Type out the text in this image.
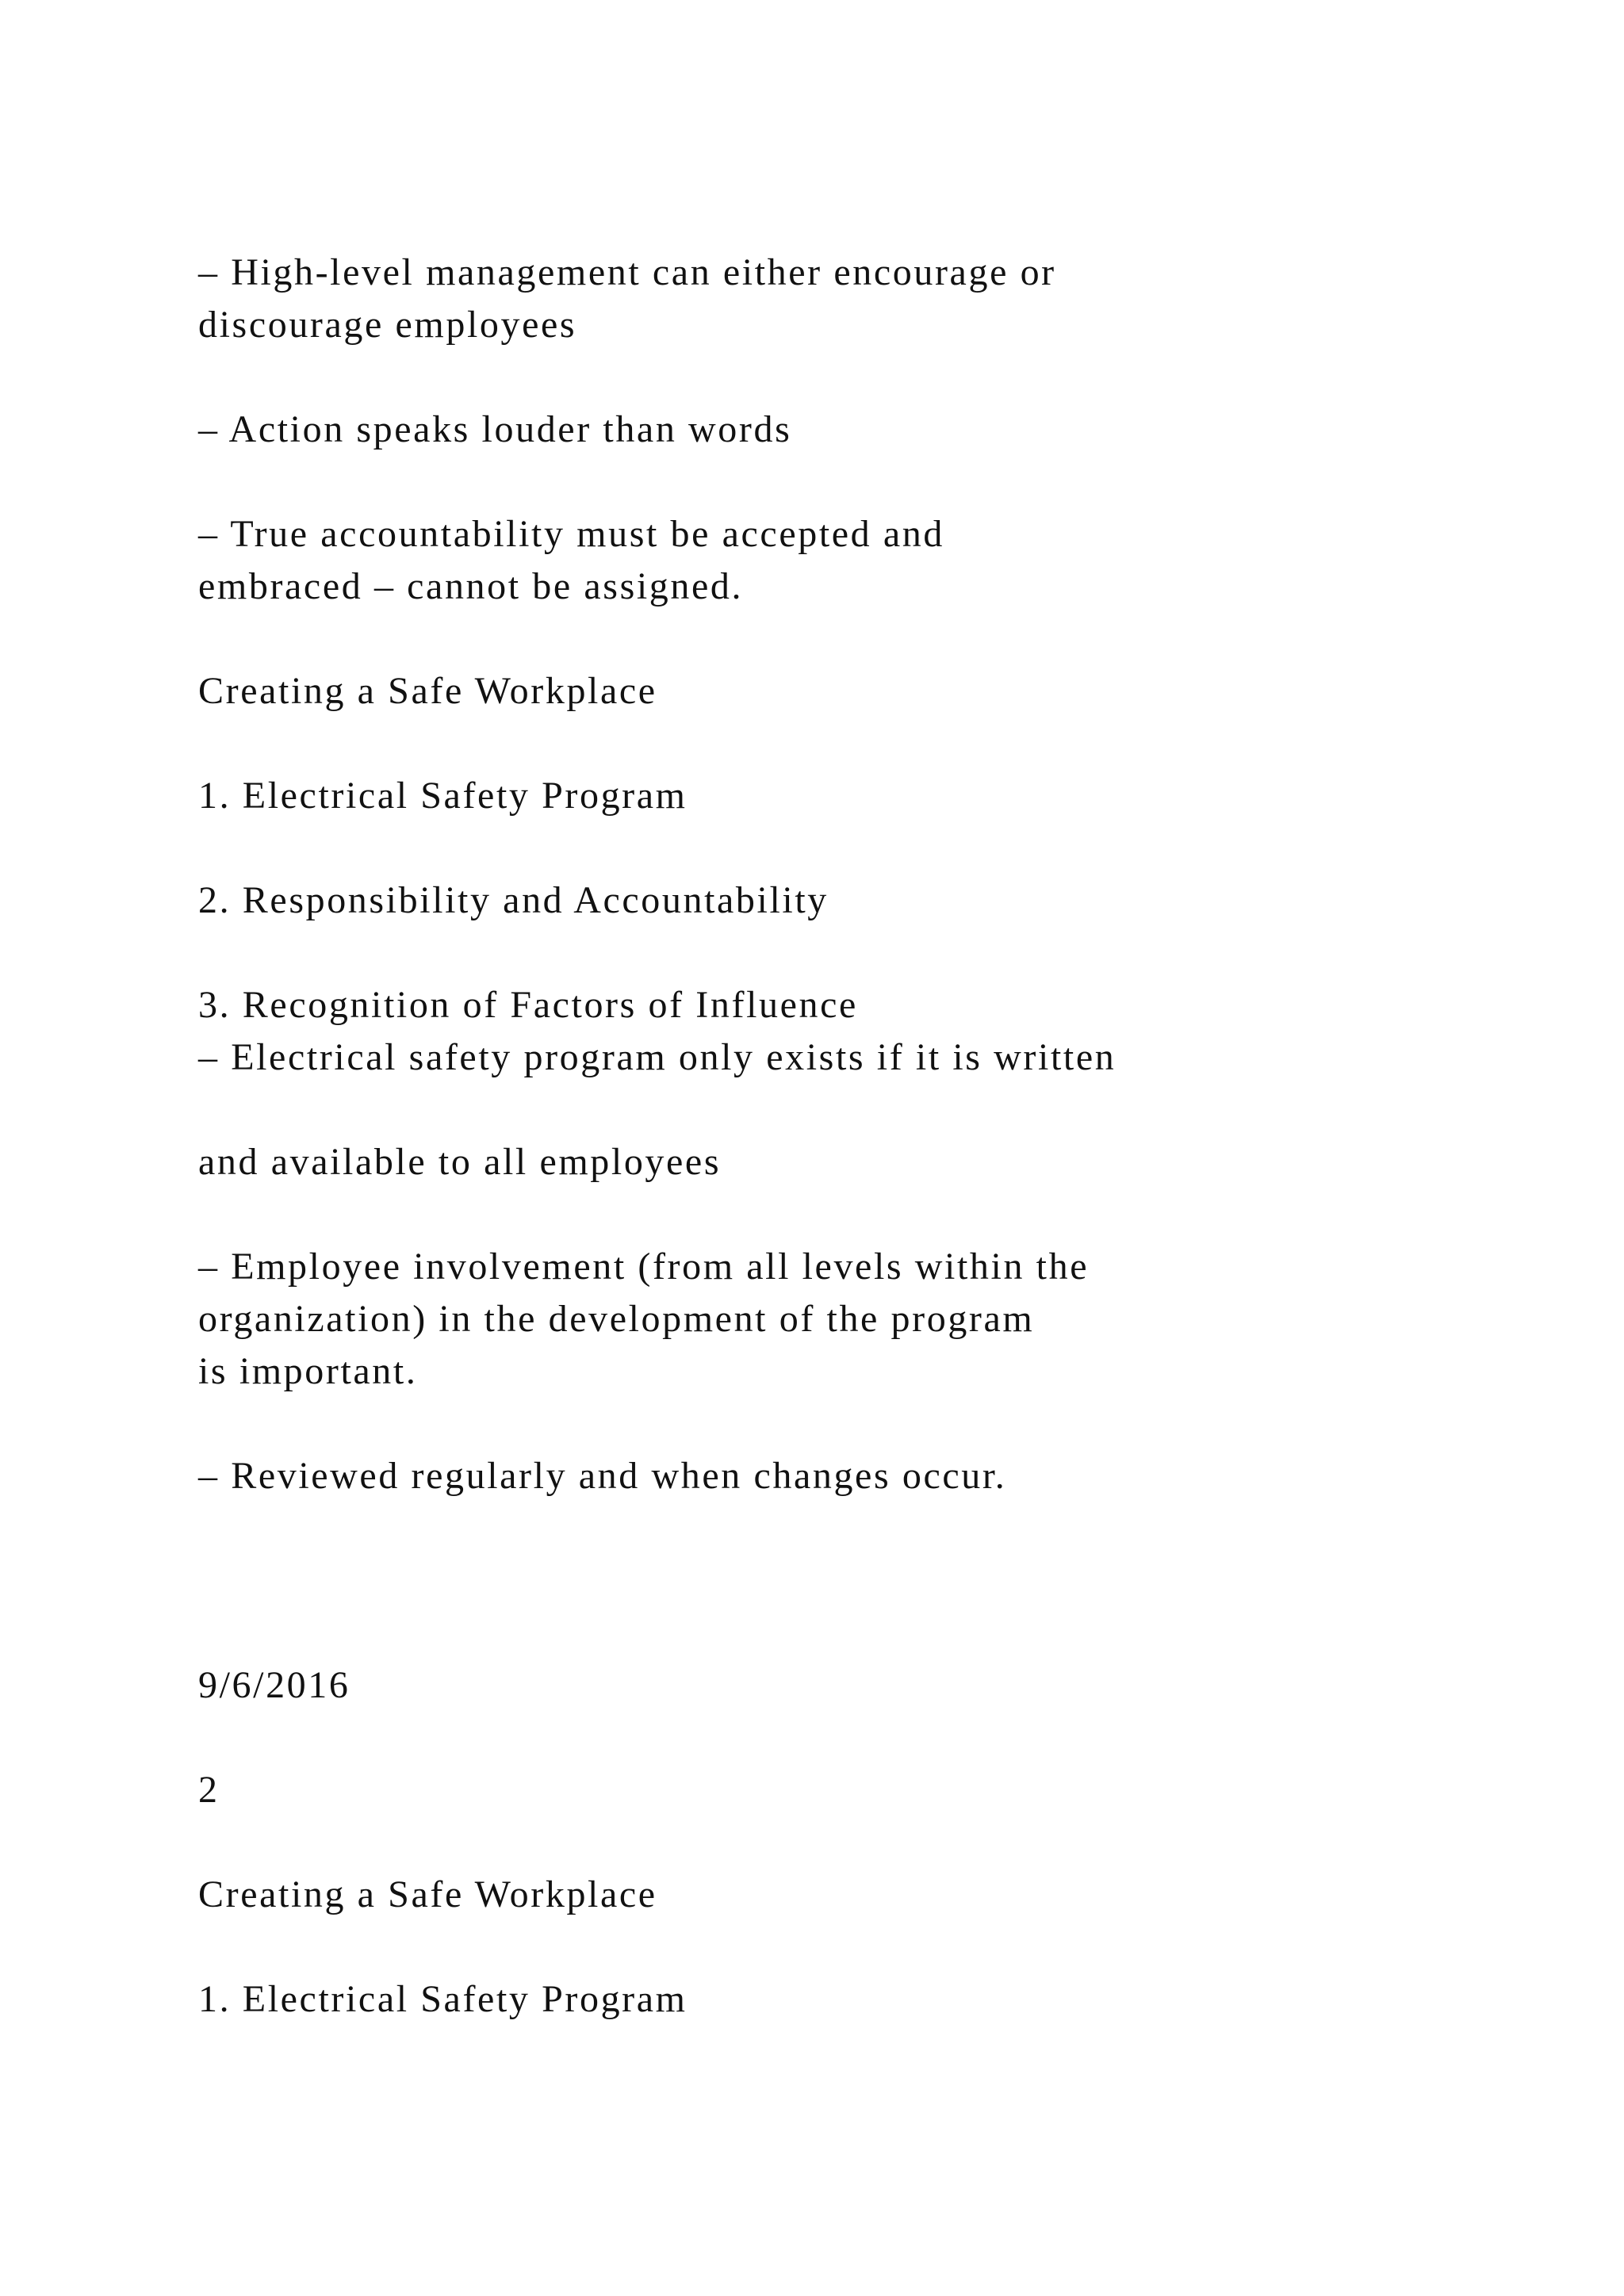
– High-level management can either encourage or

discourage employees

– Action speaks louder than words

– True accountability must be accepted and

embraced – cannot be assigned.

Creating a Safe Workplace

1. Electrical Safety Program

2. Responsibility and Accountability

3. Recognition of Factors of Influence

– Electrical safety program only exists if it is written

and available to all employees

– Employee involvement (from all levels within the

organization) in the development of the program

is important.

– Reviewed regularly and when changes occur.

9/6/2016

2

Creating a Safe Workplace

1. Electrical Safety Program
